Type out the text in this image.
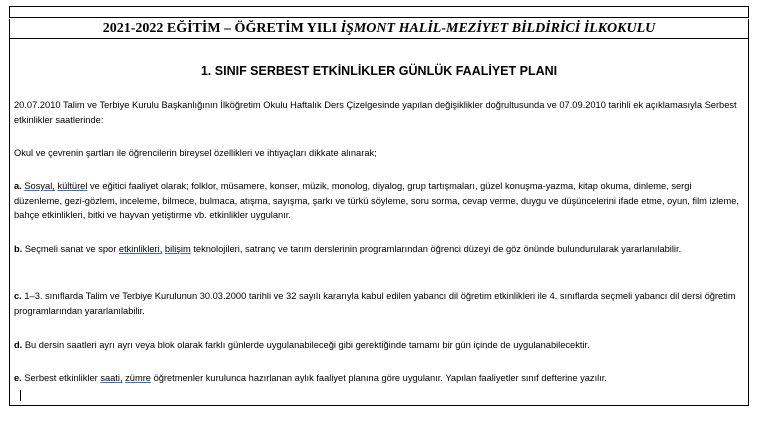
2021-2022 EĞİTİM – ÖĞRETİM YILI İŞMONT HALİL-MEZİYET BİLDİRİCİ İLKOKULU
1. SINIF SERBEST ETKİNLİKLER GÜNLÜK FAALİYET PLANI
20.07.2010 Talim ve Terbiye Kurulu Başkanlığının İlköğretim Okulu Haftalık Ders Çizelgesinde yapılan değişiklikler doğrultusunda ve 07.09.2010 tarihli ek açıklamasıyla Serbest etkinlikler saatlerinde:
Okul ve çevrenin şartları ile öğrencilerin bireysel özellikleri ve ihtiyaçları dikkate alınarak;
a. Sosyal, kültürel ve eğitici faaliyet olarak; folklor, müsamere, konser, müzik, monolog, diyalog, grup tartışmaları, güzel konuşma-yazma, kitap okuma, dinleme, sergi düzenleme, gezi-gözlem, inceleme, bilmece, bulmaca, atışma, sayışma, şarkı ve türkü söyleme, soru sorma, cevap verme, duygu ve düşüncelerini ifade etme, oyun, film izleme, bahçe etkinlikleri, bitki ve hayvan yetiştirme vb. etkinlikler uygulanır.
b. Seçmeli sanat ve spor etkinlikleri, bilişim teknolojileri, satranç ve tarım derslerinin programlarından öğrenci düzeyi de göz önünde bulundurularak yararlanılabilir.
c. 1–3. sınıflarda Talim ve Terbiye Kurulunun 30.03.2000 tarihli ve 32 sayılı kararıyla kabul edilen yabancı dil öğretim etkinlikleri ile 4. sınıflarda seçmeli yabancı dil dersi öğretim programlarından yararlanılabilir.
d. Bu dersin saatleri ayrı ayrı veya blok olarak farklı günlerde uygulanabileceği gibi gerektiğinde tamamı bir gün içinde de uygulanabilecektir.
e. Serbest etkinlikler saati, zümre öğretmenler kurulunca hazırlanan aylık faaliyet planına göre uygulanır. Yapılan faaliyetler sınıf defterine yazılır.
